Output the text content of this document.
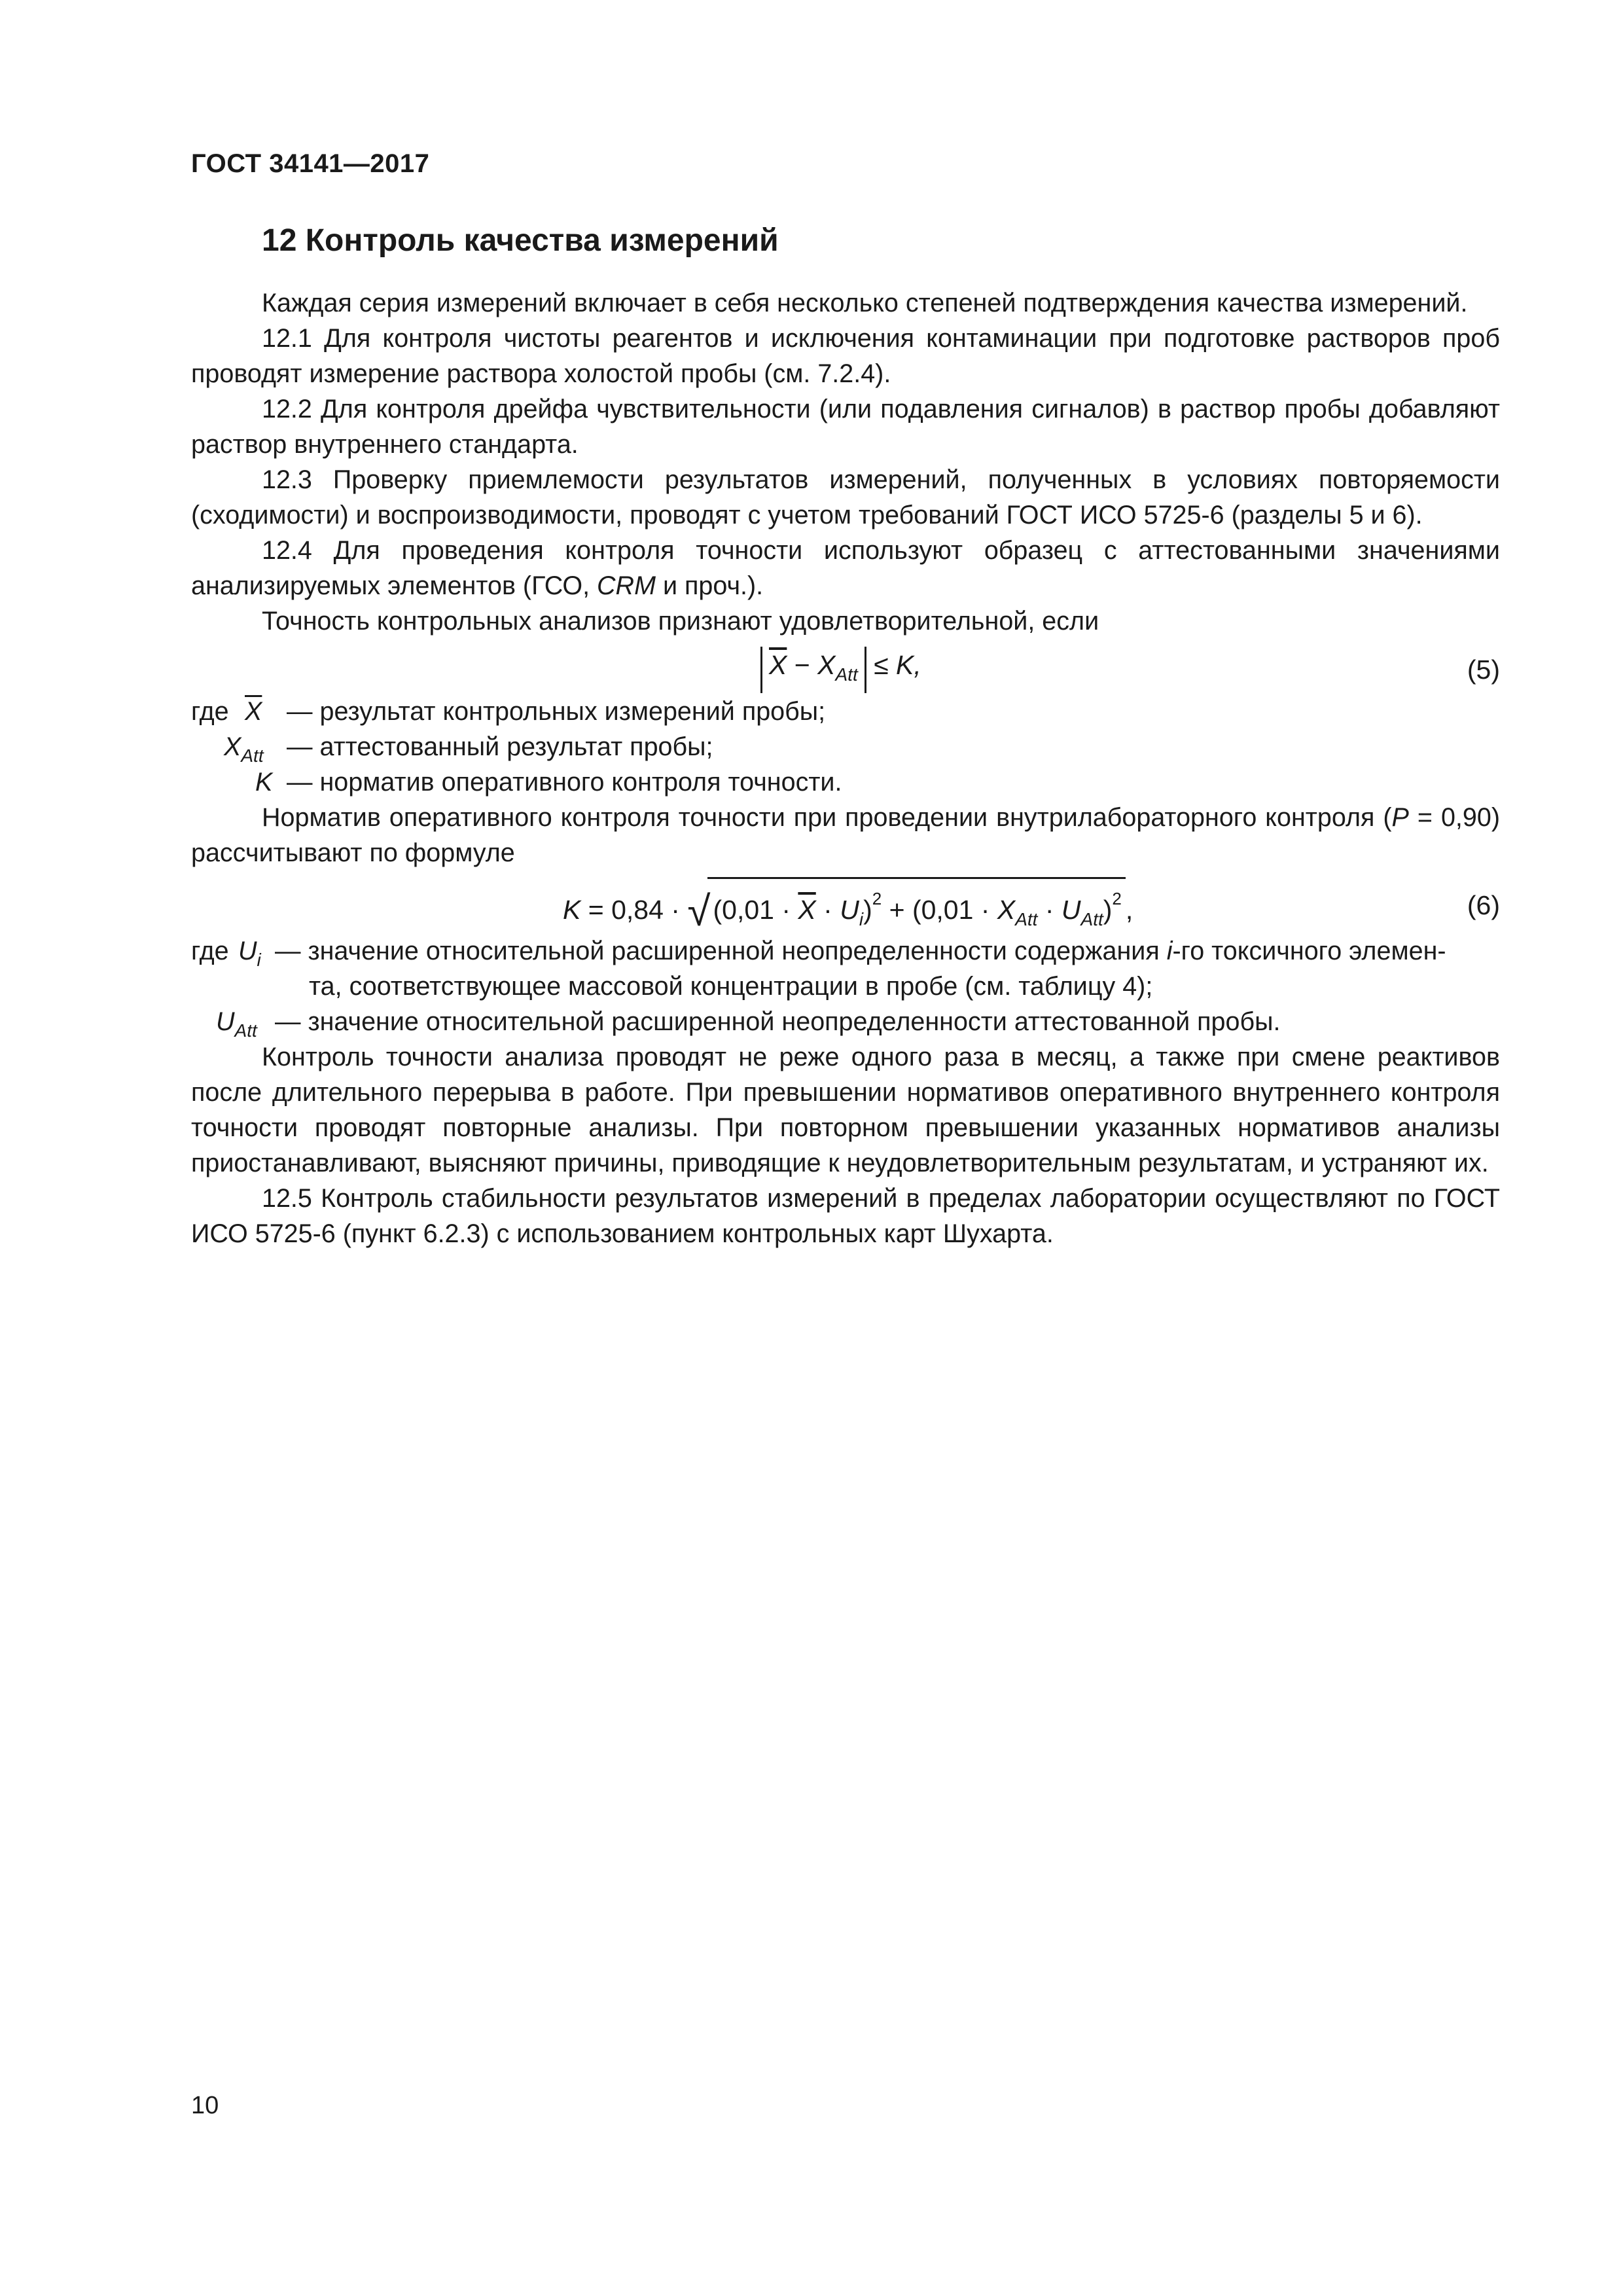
ГОСТ 34141—2017
12 Контроль качества измерений

Каждая серия измерений включает в себя несколько степеней подтверждения качества измерений.

12.1 Для контроля чистоты реагентов и исключения контаминации при подготовке растворов проб проводят измерение раствора холостой пробы (см. 7.2.4).

12.2 Для контроля дрейфа чувствительности (или подавления сигналов) в раствор пробы добавляют раствор внутреннего стандарта.

12.3 Проверку приемлемости результатов измерений, полученных в условиях повторяемости (сходимости) и воспроизводимости, проводят с учетом требований ГОСТ ИСО 5725-6 (разделы 5 и 6).

12.4 Для проведения контроля точности используют образец с аттестованными значениями анализируемых элементов (ГСО, CRM и проч.).

Точность контрольных анализов признают удовлетворительной, если

$\overline{X} - X_{Att} \le K$,	(5)
где $\overline{X}$ — результат контрольных измерений пробы;
$X_{Att}$ — аттестованный результат пробы;
K — норматив оперативного контроля точности.

Норматив оперативного контроля точности при проведении внутрилабораторного контроля (P = 0,90) рассчитывают по формуле

$K = 0,84 \cdot √(0,01 \cdot \overline{X} \cdot U_i)^2 + (0,01 \cdot X_{Att} \cdot U_{Att})^2$ ,	(6)
где $U_i$ — значение относительной расширенной неопределенности содержания i-го токсичного элемен-
та, соответствующее массовой концентрации в пробе (см. таблицу 4);
$U_{Att}$ — значение относительной расширенной неопределенности аттестованной пробы.

Контроль точности анализа проводят не реже одного раза в месяц, а также при смене реактивов после длительного перерыва в работе. При превышении нормативов оперативного внутреннего контроля точности проводят повторные анализы. При повторном превышении указанных нормативов анализы приостанавливают, выясняют причины, приводящие к неудовлетворительным результатам, и устраняют их.

12.5 Контроль стабильности результатов измерений в пределах лаборатории осуществляют по ГОСТ ИСО 5725-6 (пункт 6.2.3) с использованием контрольных карт Шухарта.

10
